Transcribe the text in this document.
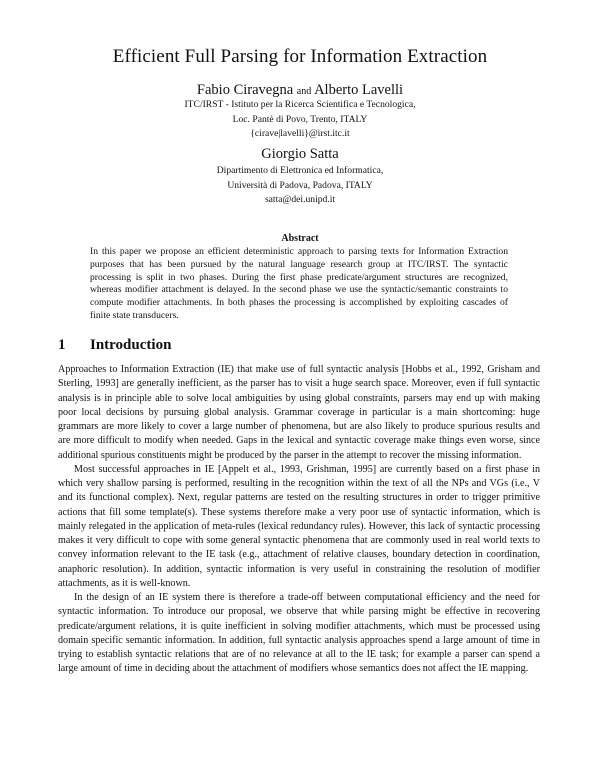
Efficient Full Parsing for Information Extraction
Fabio Ciravegna and Alberto Lavelli
ITC/IRST - Istituto per la Ricerca Scientifica e Tecnologica,
Loc. Pantè di Povo, Trento, ITALY
{cirave|lavelli}@irst.itc.it
Giorgio Satta
Dipartimento di Elettronica ed Informatica,
Università di Padova, Padova, ITALY
satta@dei.unipd.it
Abstract
In this paper we propose an efficient deterministic approach to parsing texts for Information Extraction purposes that has been pursued by the natural language research group at ITC/IRST. The syntactic processing is split in two phases. During the first phase predicate/argument structures are recognized, whereas modifier attachment is delayed. In the second phase we use the syntactic/semantic constraints to compute modifier attachments. In both phases the processing is accomplished by exploiting cascades of finite state transducers.
1 Introduction

Approaches to Information Extraction (IE) that make use of full syntactic analysis [Hobbs et al., 1992, Grisham and Sterling, 1993] are generally inefficient, as the parser has to visit a huge search space. Moreover, even if full syntactic analysis is in principle able to solve local ambiguities by using global constraints, parsers may end up with making poor local decisions by pursuing global analysis. Grammar coverage in particular is a main shortcoming: huge grammars are more likely to cover a large number of phenomena, but are also likely to produce spurious results and are more difficult to modify when needed. Gaps in the lexical and syntactic coverage make things even worse, since additional spurious constituents might be produced by the parser in the attempt to recover the missing information.

Most successful approaches in IE [Appelt et al., 1993, Grishman, 1995] are currently based on a first phase in which very shallow parsing is performed, resulting in the recognition within the text of all the NPs and VGs (i.e., V and its functional complex). Next, regular patterns are tested on the resulting structures in order to trigger primitive actions that fill some template(s). These systems therefore make a very poor use of syntactic information, which is mainly relegated in the application of meta-rules (lexical redundancy rules). However, this lack of syntactic processing makes it very difficult to cope with some general syntactic phenomena that are commonly used in real world texts to convey information relevant to the IE task (e.g., attachment of relative clauses, boundary detection in coordination, anaphoric resolution). In addition, syntactic information is very useful in constraining the resolution of modifier attachments, as it is well-known.

In the design of an IE system there is therefore a trade-off between computational efficiency and the need for syntactic information. To introduce our proposal, we observe that while parsing might be effective in recovering predicate/argument relations, it is quite inefficient in solving modifier attachments, which must be processed using domain specific semantic information. In addition, full syntactic analysis approaches spend a large amount of time in trying to establish syntactic relations that are of no relevance at all to the IE task; for example a parser can spend a large amount of time in deciding about the attachment of modifiers whose semantics does not affect the IE mapping.
